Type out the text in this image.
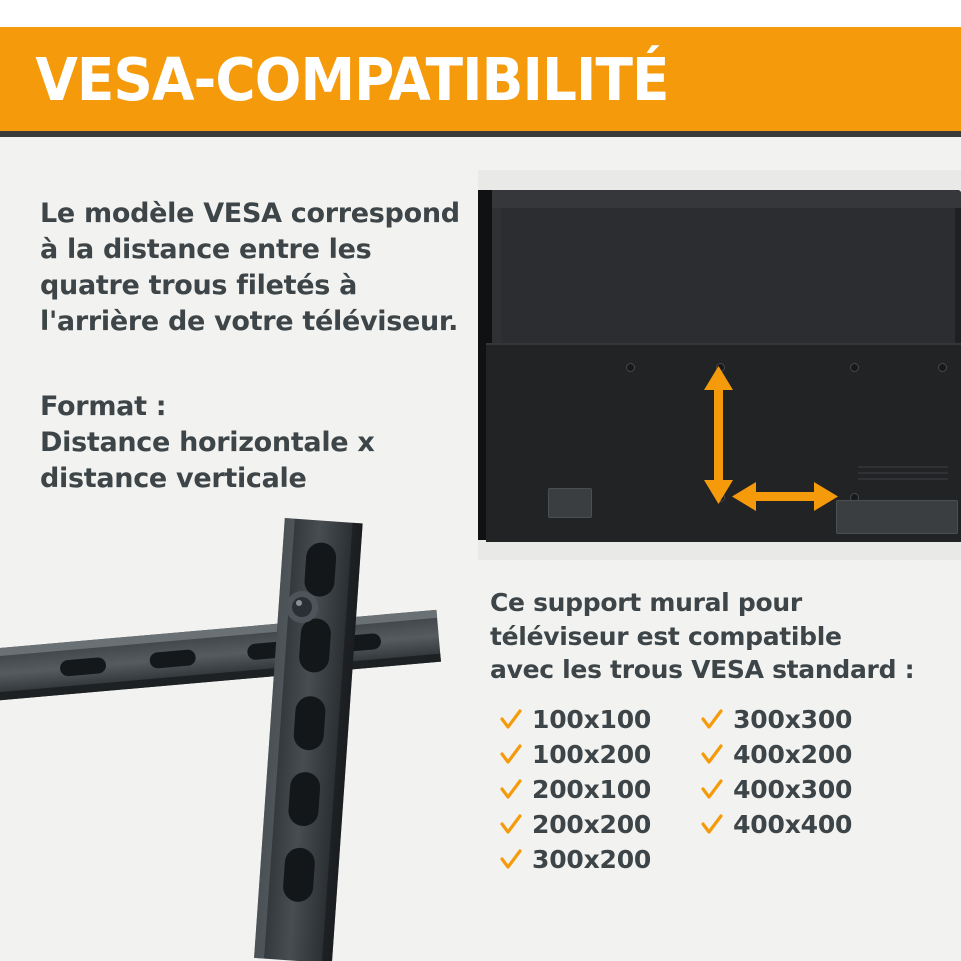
VESA-COMPATIBILITÉ
Le modèle VESA correspond
à la distance entre les
quatre trous filetés à
l'arrière de votre téléviseur.
Format :
Distance horizontale x
distance verticale
Ce support mural pour
téléviseur est compatible
avec les trous VESA standard :
100x100
100x200
200x100
200x200
300x200
300x300
400x200
400x300
400x400
